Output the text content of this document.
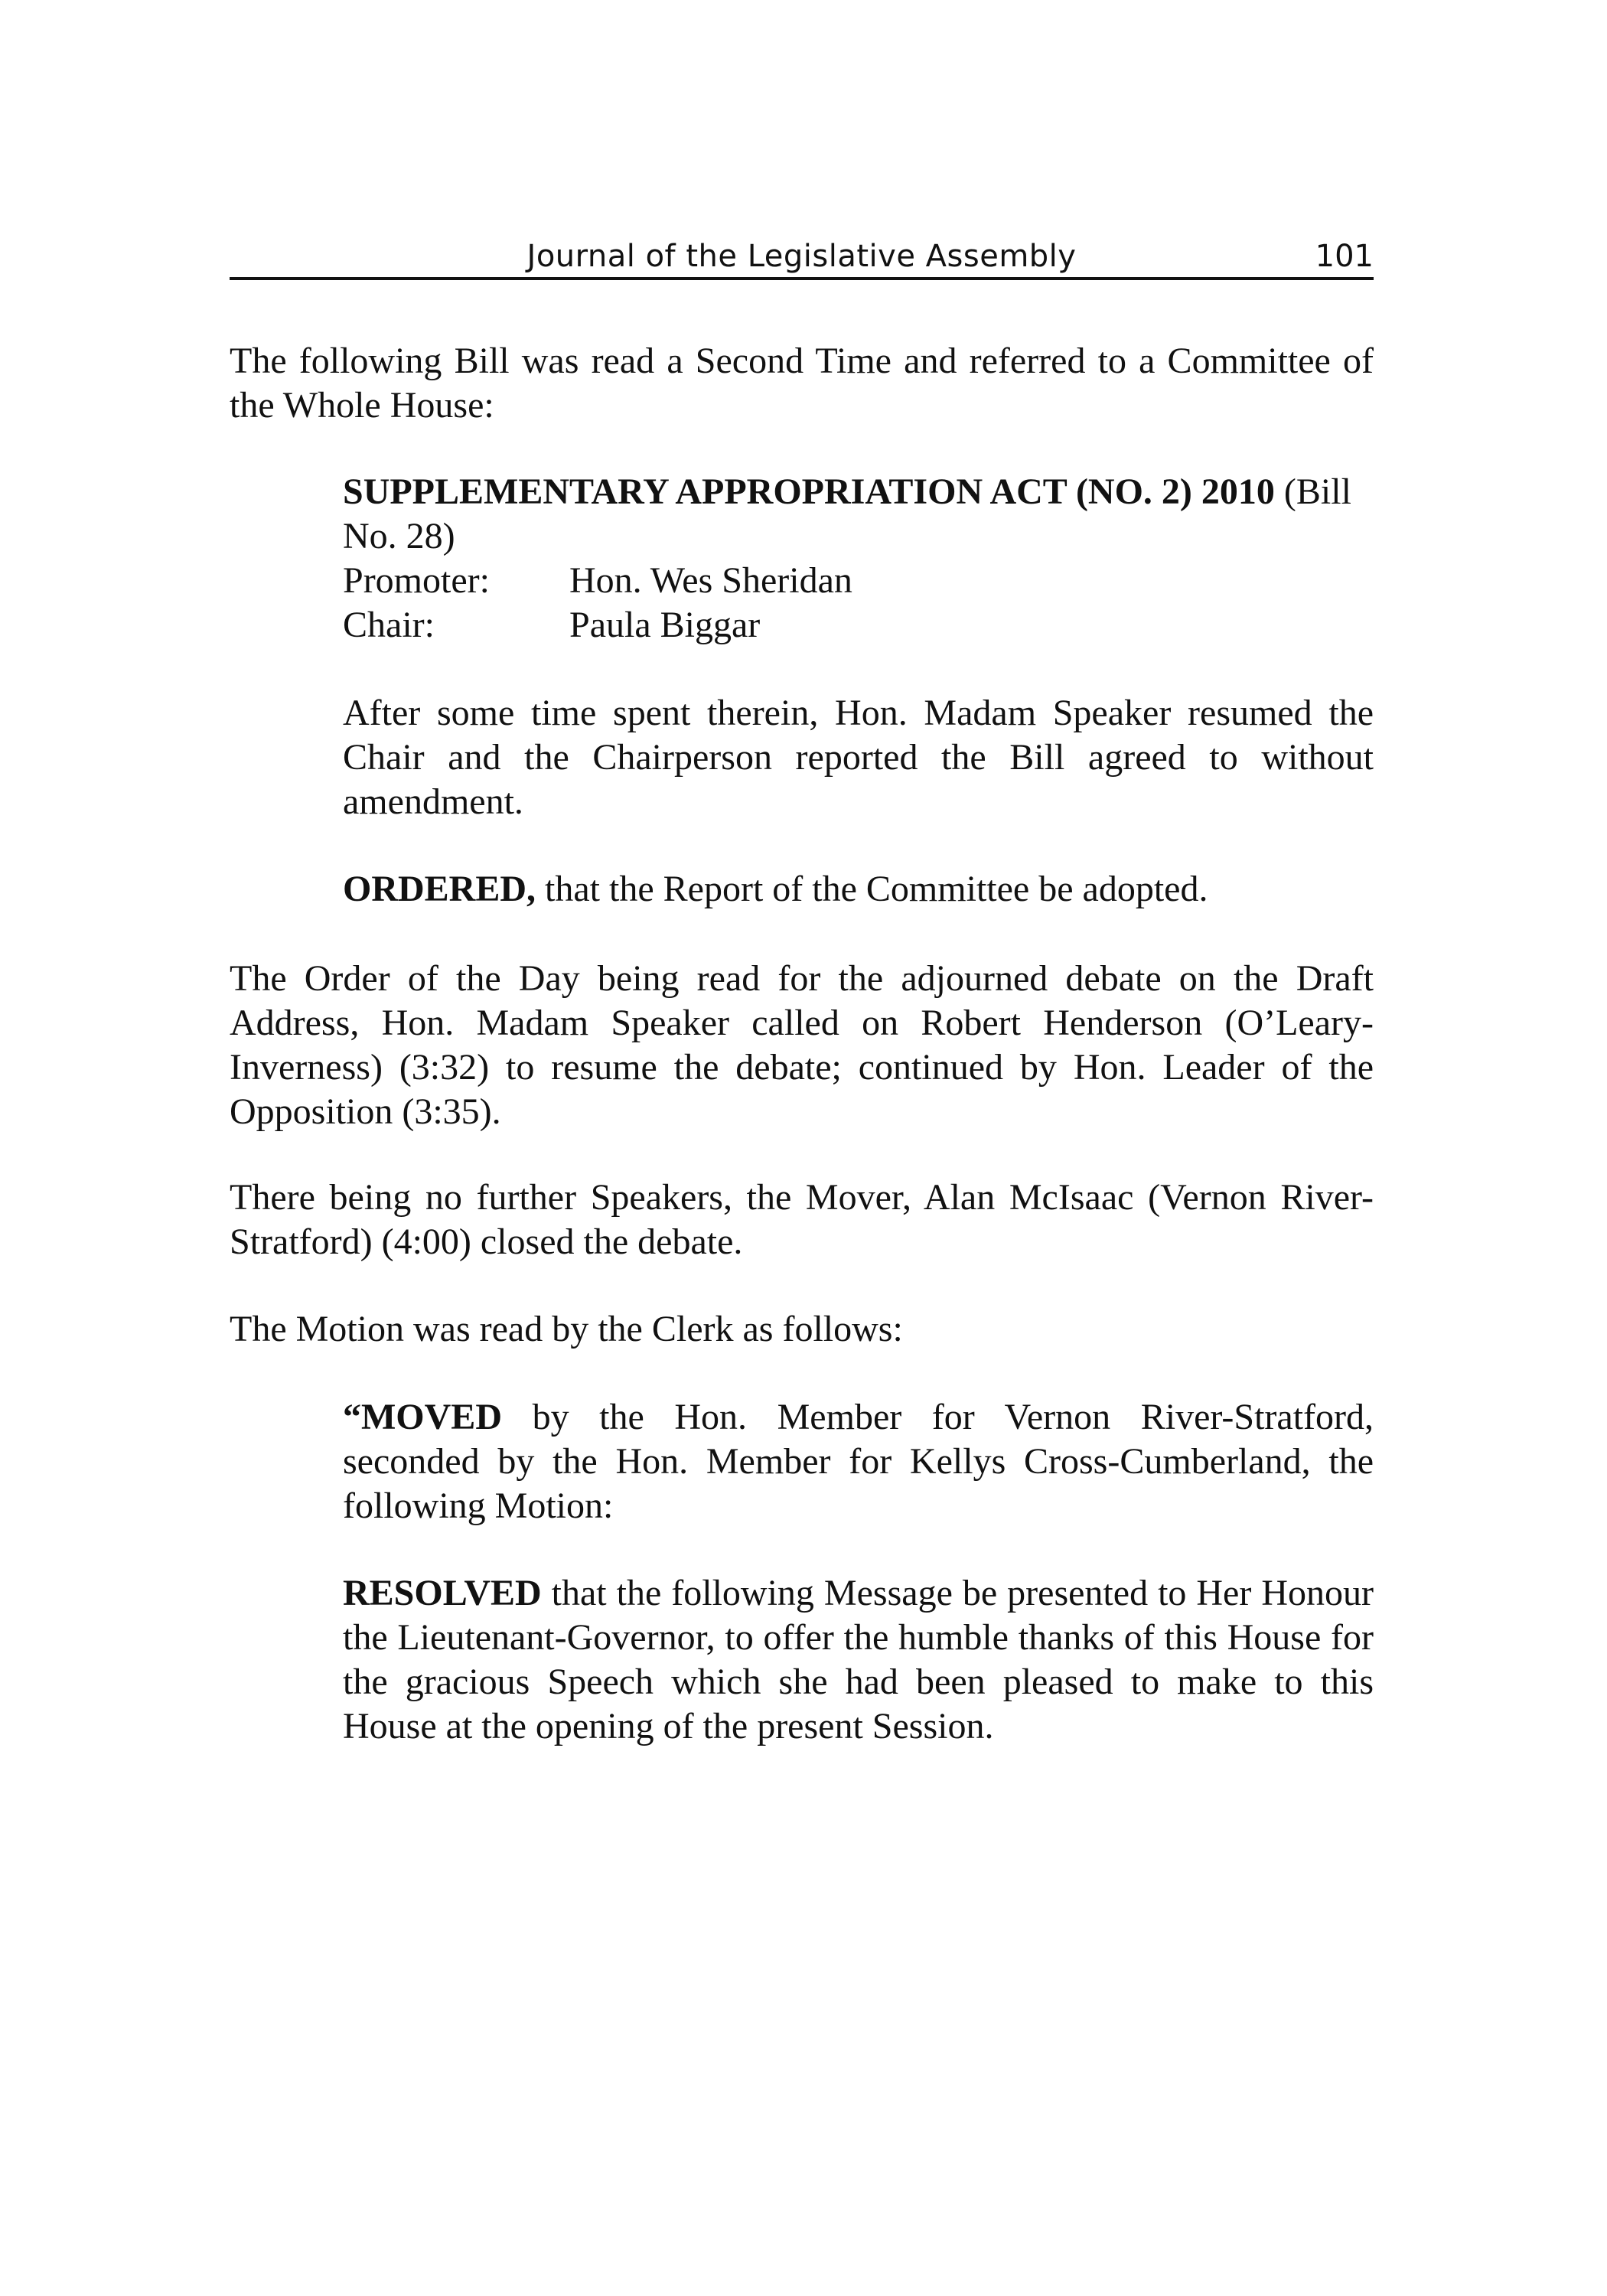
Journal of the Legislative Assembly	101
The following Bill was read a Second Time and referred to a Committee of
the Whole House:
SUPPLEMENTARY APPROPRIATION ACT (NO. 2) 2010 (Bill
No. 28)
Promoter: Hon. Wes Sheridan
Chair:	Paula Biggar
After some time spent therein, Hon. Madam Speaker resumed the
Chair and the Chairperson reported the Bill agreed to without
amendment.
ORDERED, that the Report of the Committee be adopted.
The Order of the Day being read for the adjourned debate on the Draft
Address, Hon. Madam Speaker called on Robert Henderson (O’Leary-
Inverness) (3:32) to resume the debate; continued by Hon. Leader of the
Opposition (3:35).
There being no further Speakers, the Mover, Alan McIsaac (Vernon River-
Stratford) (4:00) closed the debate.
The Motion was read by the Clerk as follows:
“MOVED by the Hon. Member for Vernon River-Stratford,
seconded by the Hon. Member for Kellys Cross-Cumberland, the
following Motion:
RESOLVED that the following Message be presented to Her Honour
the Lieutenant-Governor, to offer the humble thanks of this House for
the gracious Speech which she had been pleased to make to this
House at the opening of the present Session.
